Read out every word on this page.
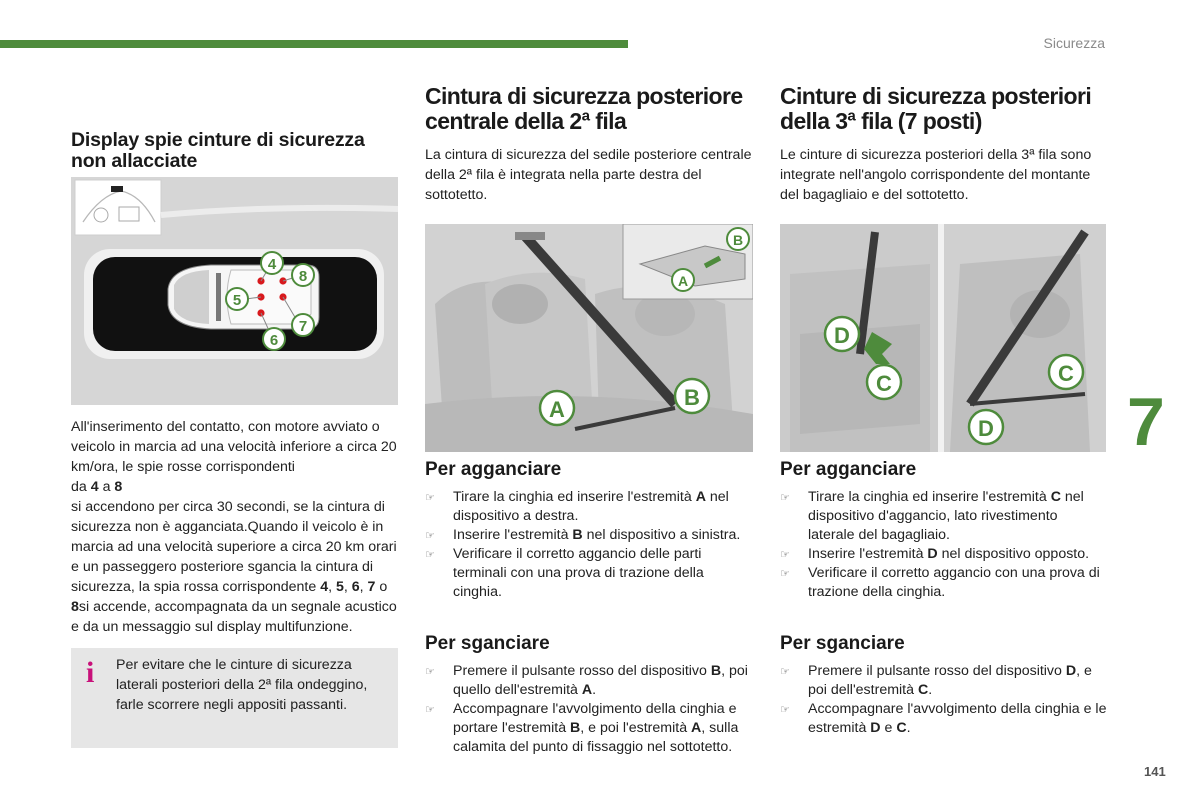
Sicurezza
7
141
Display spie cinture di sicurezza non allacciate
4
8
5
7
6

All'inserimento del contatto, con motore avviato o veicolo in marcia ad una velocità inferiore a circa 20 km/ora, le spie rosse corrispondenti
da 4 a 8
si accendono per circa 30 secondi, se la cintura di sicurezza non è agganciata.Quando il veicolo è in marcia ad una velocità superiore a circa 20 km orari e un passeggero posteriore sgancia la cintura di sicurezza, la spia rossa corrispondente 4, 5, 6, 7 o
8si accende, accompagnata da un segnale acustico e da un messaggio sul display multifunzione.

i Per evitare che le cinture di sicurezza laterali posteriori della 2ª fila ondeggino, farle scorrere negli appositi passanti.
Cintura di sicurezza posteriore centrale della 2ª fila

La cintura di sicurezza del sedile posteriore centrale della 2ª fila è integrata nella parte destra del sottotetto.

B
A
A	B
Per agganciare
☞ Tirare la cinghia ed inserire l'estremità A nel dispositivo a destra.
☞ Inserire l'estremità B nel dispositivo a sinistra.
☞ Verificare il corretto aggancio delle parti terminali con una prova di trazione della cinghia.
Per sganciare
☞ Premere il pulsante rosso del dispositivo B, poi quello dell'estremità A.
☞ Accompagnare l'avvolgimento della cinghia e portare l'estremità B, e poi l'estremità A, sulla calamita del punto di fissaggio nel sottotetto.
Cinture di sicurezza posteriori della 3ª fila (7 posti)

Le cinture di sicurezza posteriori della 3ª fila sono integrate nell'angolo corrispondente del montante del bagagliaio e del sottotetto.

D
C	C
D
Per agganciare
☞ Tirare la cinghia ed inserire l'estremità C nel dispositivo d'aggancio, lato rivestimento laterale del bagagliaio.
☞ Inserire l'estremità D nel dispositivo opposto.
☞ Verificare il corretto aggancio con una prova di trazione della cinghia.
Per sganciare
☞ Premere il pulsante rosso del dispositivo D, e poi dell'estremità C.
☞ Accompagnare l'avvolgimento della cinghia e le estremità D e C.
